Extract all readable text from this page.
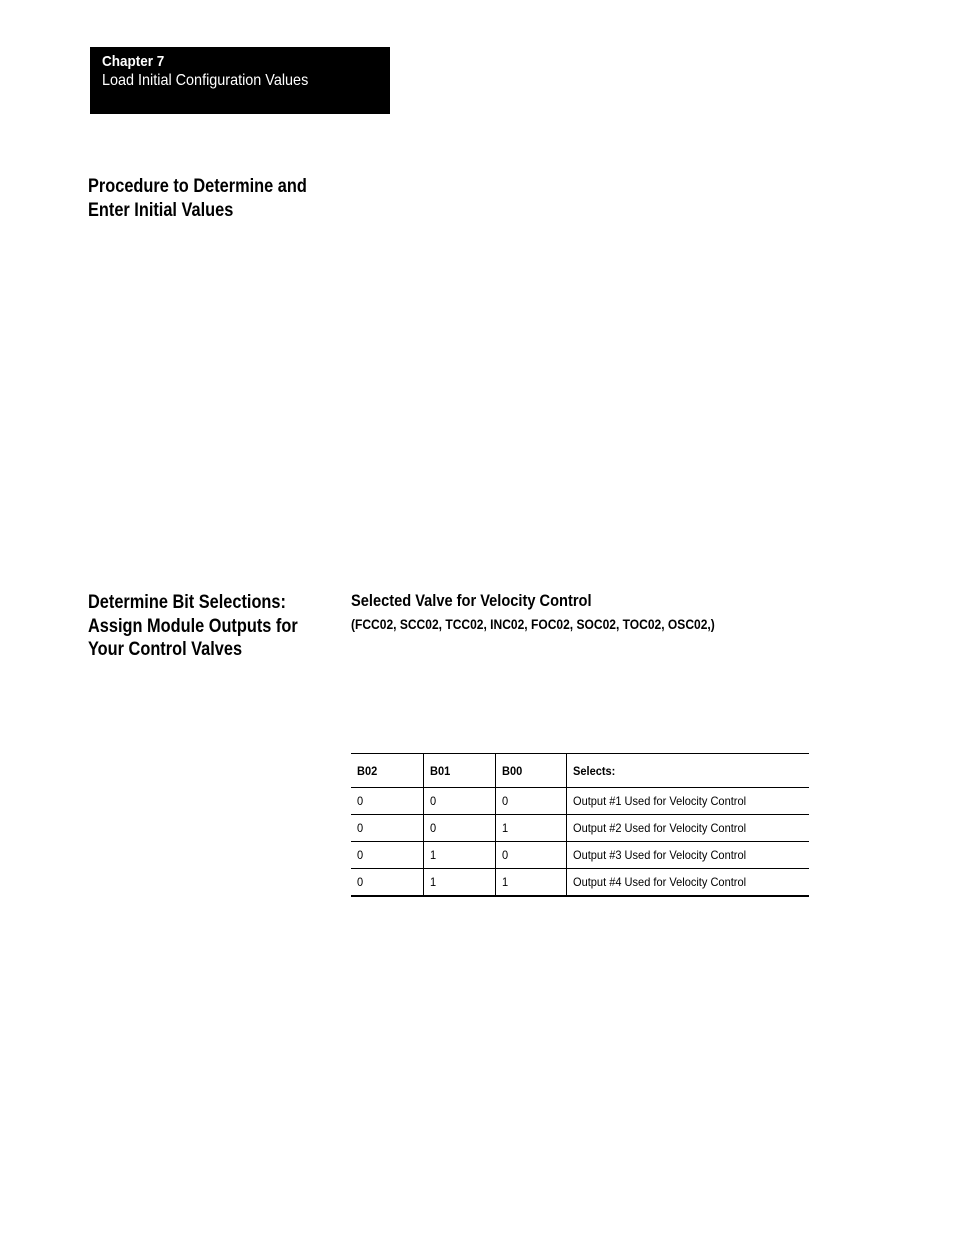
Chapter 7
Load Initial Configuration Values
Procedure to Determine and
Enter Initial Values
Determine Bit Selections:
Assign Module Outputs for
Your Control Valves
Selected Valve for Velocity Control
(FCC02, SCC02, TCC02, INC02, FOC02, SOC02, TOC02, OSC02,)
B02	B01	B00	Selects:
0	0	0	Output #1 Used for Velocity Control
0	0	1	Output #2 Used for Velocity Control
0	1	0	Output #3 Used for Velocity Control
0	1	1	Output #4 Used for Velocity Control
